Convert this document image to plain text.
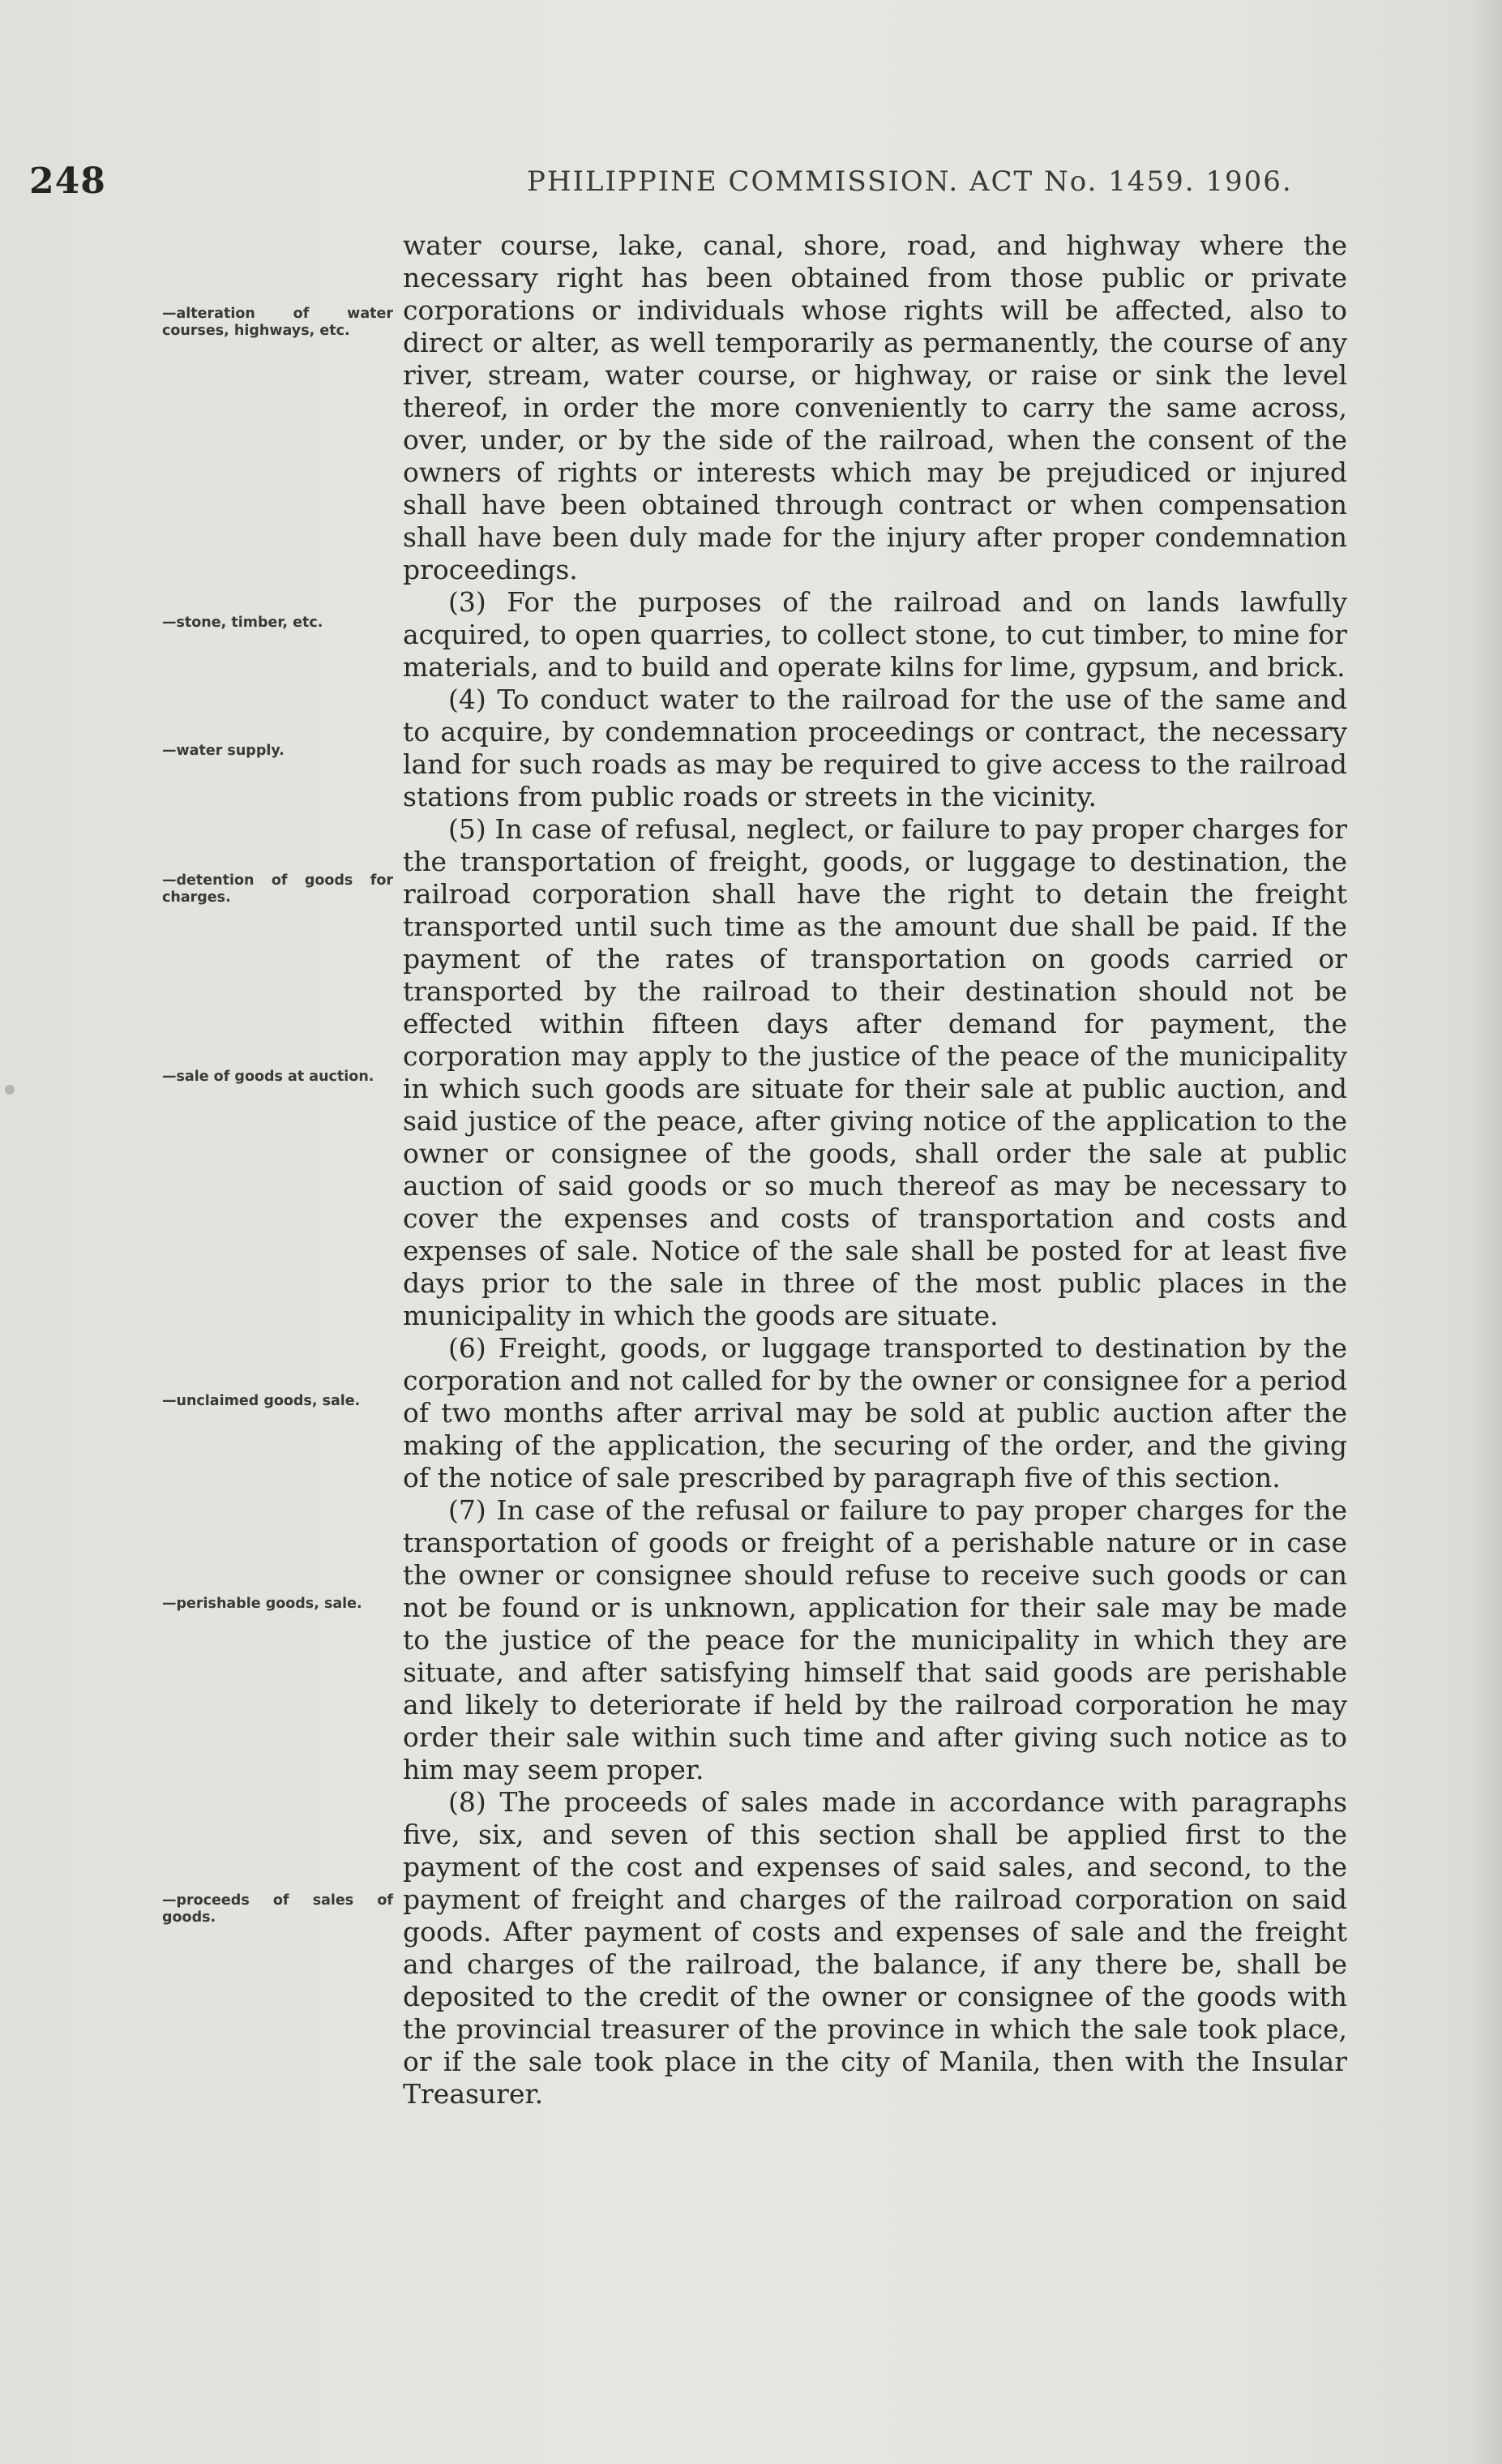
248	PHILIPPINE COMMISSION. ACT No. 1459. 1906.
—alteration of water courses, highways, etc.
—stone, timber, etc.
—water supply.
—detention of goods for charges.
—sale of goods at auction.
—unclaimed goods, sale.
—perishable goods, sale.
—proceeds of sales of goods.

water course, lake, canal, shore, road, and highway where the necessary right has been obtained from those public or private corporations or individuals whose rights will be affected, also to direct or alter, as well temporarily as permanently, the course of any river, stream, water course, or highway, or raise or sink the level thereof, in order the more conveniently to carry the same across, over, under, or by the side of the railroad, when the consent of the owners of rights or interests which may be prejudiced or injured shall have been obtained through contract or when compensation shall have been duly made for the injury after proper condemnation proceedings.

(3) For the purposes of the railroad and on lands lawfully acquired, to open quarries, to collect stone, to cut timber, to mine for materials, and to build and operate kilns for lime, gypsum, and brick.

(4) To conduct water to the railroad for the use of the same and to acquire, by condemnation proceedings or contract, the necessary land for such roads as may be required to give access to the railroad stations from public roads or streets in the vicinity.

(5) In case of refusal, neglect, or failure to pay proper charges for the transportation of freight, goods, or luggage to destination, the railroad corporation shall have the right to detain the freight transported until such time as the amount due shall be paid. If the payment of the rates of transportation on goods carried or transported by the railroad to their destination should not be effected within fifteen days after demand for payment, the corporation may apply to the justice of the peace of the municipality in which such goods are situate for their sale at public auction, and said justice of the peace, after giving notice of the application to the owner or consignee of the goods, shall order the sale at public auction of said goods or so much thereof as may be necessary to cover the expenses and costs of transportation and costs and expenses of sale. Notice of the sale shall be posted for at least five days prior to the sale in three of the most public places in the municipality in which the goods are situate.

(6) Freight, goods, or luggage transported to destination by the corporation and not called for by the owner or consignee for a period of two months after arrival may be sold at public auction after the making of the application, the securing of the order, and the giving of the notice of sale prescribed by paragraph five of this section.

(7) In case of the refusal or failure to pay proper charges for the transportation of goods or freight of a perishable nature or in case the owner or consignee should refuse to receive such goods or can not be found or is unknown, application for their sale may be made to the justice of the peace for the municipality in which they are situate, and after satisfying himself that said goods are perishable and likely to deteriorate if held by the railroad corporation he may order their sale within such time and after giving such notice as to him may seem proper.

(8) The proceeds of sales made in accordance with paragraphs five, six, and seven of this section shall be applied first to the payment of the cost and expenses of said sales, and second, to the payment of freight and charges of the railroad corporation on said goods. After payment of costs and expenses of sale and the freight and charges of the railroad, the balance, if any there be, shall be deposited to the credit of the owner or consignee of the goods with the provincial treasurer of the province in which the sale took place, or if the sale took place in the city of Manila, then with the Insular Treasurer.
